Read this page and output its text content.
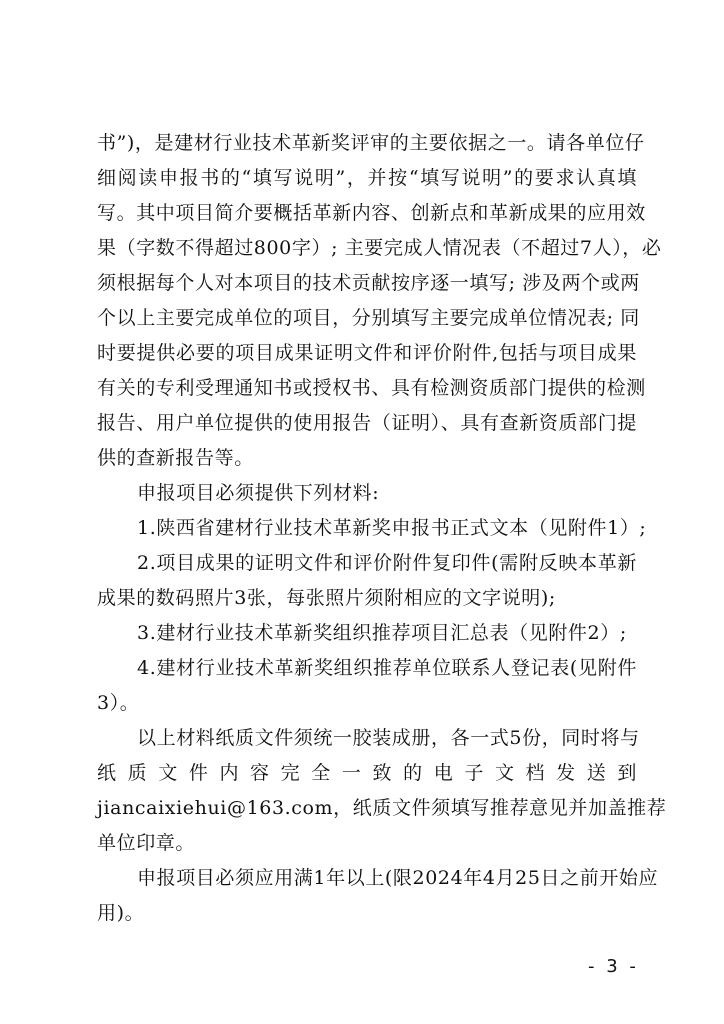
书”)，是建材行业技术革新奖评审的主要依据之一。请各单位仔
细阅读申报书的“填写说明”，并按“填写说明”的要求认真填
写。其中项目简介要概括革新内容、创新点和革新成果的应用效
果（字数不得超过800字）; 主要完成人情况表（不超过7人），必
须根据每个人对本项目的技术贡献按序逐一填写; 涉及两个或两
个以上主要完成单位的项目，分别填写主要完成单位情况表; 同
时要提供必要的项目成果证明文件和评价附件,包括与项目成果
有关的专利受理通知书或授权书、具有检测资质部门提供的检测
报告、用户单位提供的使用报告（证明）、具有查新资质部门提
供的查新报告等。
申报项目必须提供下列材料:
1.陕西省建材行业技术革新奖申报书正式文本（见附件1）;
2.项目成果的证明文件和评价附件复印件(需附反映本革新
成果的数码照片3张，每张照片须附相应的文字说明);
3.建材行业技术革新奖组织推荐项目汇总表（见附件2）;
4.建材行业技术革新奖组织推荐单位联系人登记表(见附件
3）。
以上材料纸质文件须统一胶装成册，各一式5份，同时将与
纸 质 文 件 内 容 完 全 一 致 的 电 子 文 档 发 送 到
jiancaixiehui@163.com，纸质文件须填写推荐意见并加盖推荐
单位印章。
申报项目必须应用满1年以上(限2024年4月25日之前开始应
用)。
- 3 -
